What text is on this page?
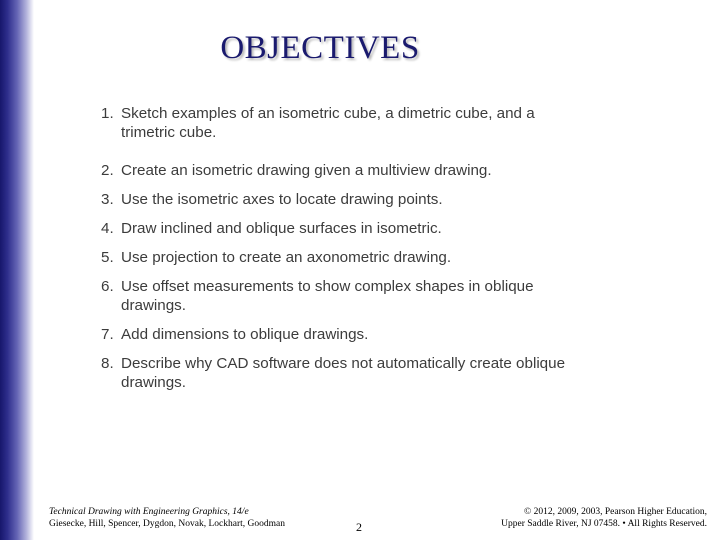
OBJECTIVES
1. Sketch examples of an isometric cube, a dimetric cube, and a trimetric cube.
2. Create an isometric drawing given a multiview drawing.
3. Use the isometric axes to locate drawing points.
4. Draw inclined and oblique surfaces in isometric.
5. Use projection to create an axonometric drawing.
6. Use offset measurements to show complex shapes in oblique drawings.
7. Add dimensions to oblique drawings.
8. Describe why CAD software does not automatically create oblique drawings.
Technical Drawing with Engineering Graphics, 14/e
Giesecke, Hill, Spencer, Dygdon, Novak, Lockhart, Goodman	2
© 2012, 2009, 2003, Pearson Higher Education,
Upper Saddle River, NJ 07458. • All Rights Reserved.
